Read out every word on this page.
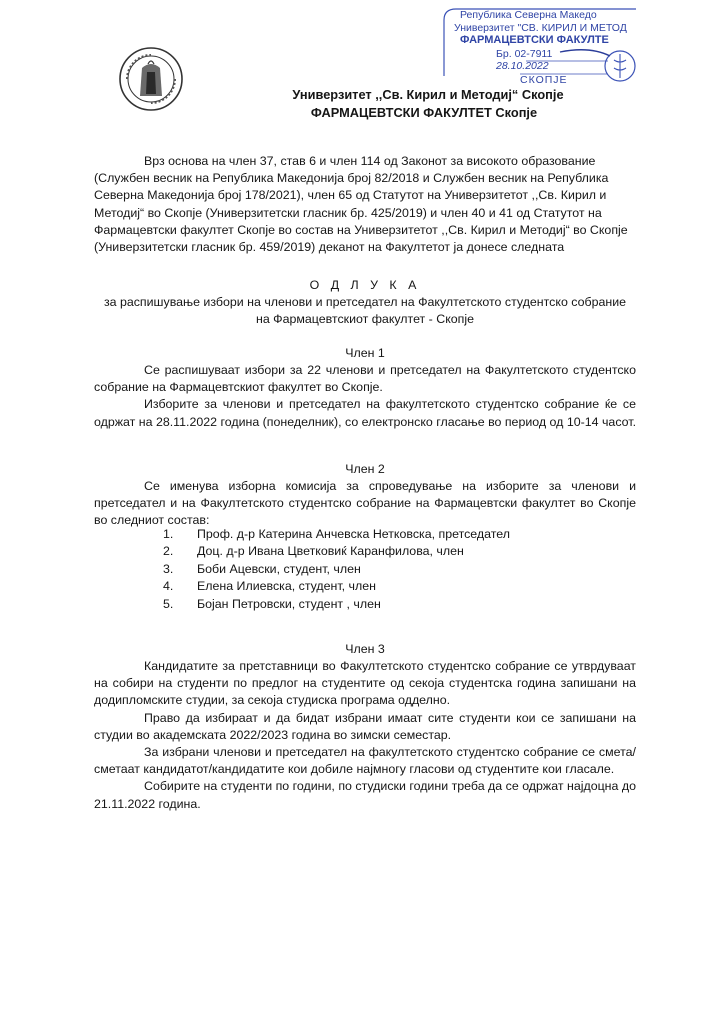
Република Северна Македо
Универзитет "СВ. КИРИЛ И МЕТОД
ФАРМАЦЕВТСКИ ФАКУЛТЕ
Бр. 02-7911
28.10.2022
СКОПЈЕ
Универзитет ,,Св. Кирил и Методиј“ Скопје
ФАРМАЦЕВТСКИ ФАКУЛТЕТ Скопје
Врз основа на член 37, став 6 и член 114 од Законот за високото образование
(Службен весник на Република Македонија број 82/2018 и Службен весник на Република
Северна Македонија број 178/2021), член 65 од Статутот на Универзитетот ,,Св. Кирил и
Методиј“ во Скопје (Универзитетски гласник бр. 425/2019) и член 40 и 41 од Статутот на
Фармацевтски факултет Скопје во состав на Универзитетот ,,Св. Кирил и Методиј“ во Скопје
(Универзитетски гласник бр. 459/2019) деканот на Факултетот ја донесе следната
О Д Л У К А
за распишување избори на членови и претседател на Факултетското студентско собрание
на Фармацевтскиот факултет - Скопје
Член 1

Се распишуваат избори за 22 членови и претседател на Факултетското студентско собрание на Фармацевтскиот факултет во Скопје.

Изборите за членови и претседател на факултетското студентско собрание ќе се одржат на 28.11.2022 година (понеделник), со електронско гласање во период од 10-14 часот.

Член 2

Се именува изборна комисија за спроведување на изборите за членови и претседател и на Факултетското студентско собрание на Фармацевтски факултет во Скопје во следниот состав:

1. Проф. д-р Катерина Анчевска Нетковска, претседател
2. Доц. д-р Ивана Цветковиќ Каранфилова, член
3. Боби Ацевски, студент, член
4. Елена Илиевска, студент, член
5. Бојан Петровски, студент , член
Член 3

Кандидатите за претставници во Факултетското студентско собрание се утврдуваат на собири на студенти по предлог на студентите од секоја студентска година запишани на додипломските студии, за секоја студиска програма одделно.

Право да избираат и да бидат избрани имаат сите студенти кои се запишани на студии во академската 2022/2023 година во зимски семестар.

За избрани членови и претседател на факултетското студентско собрание се смета/сметаат кандидатот/кандидатите кои добиле најмногу гласови од студентите кои гласале.

Собирите на студенти по години, по студиски години треба да се одржат најдоцна до 21.11.2022 година.
